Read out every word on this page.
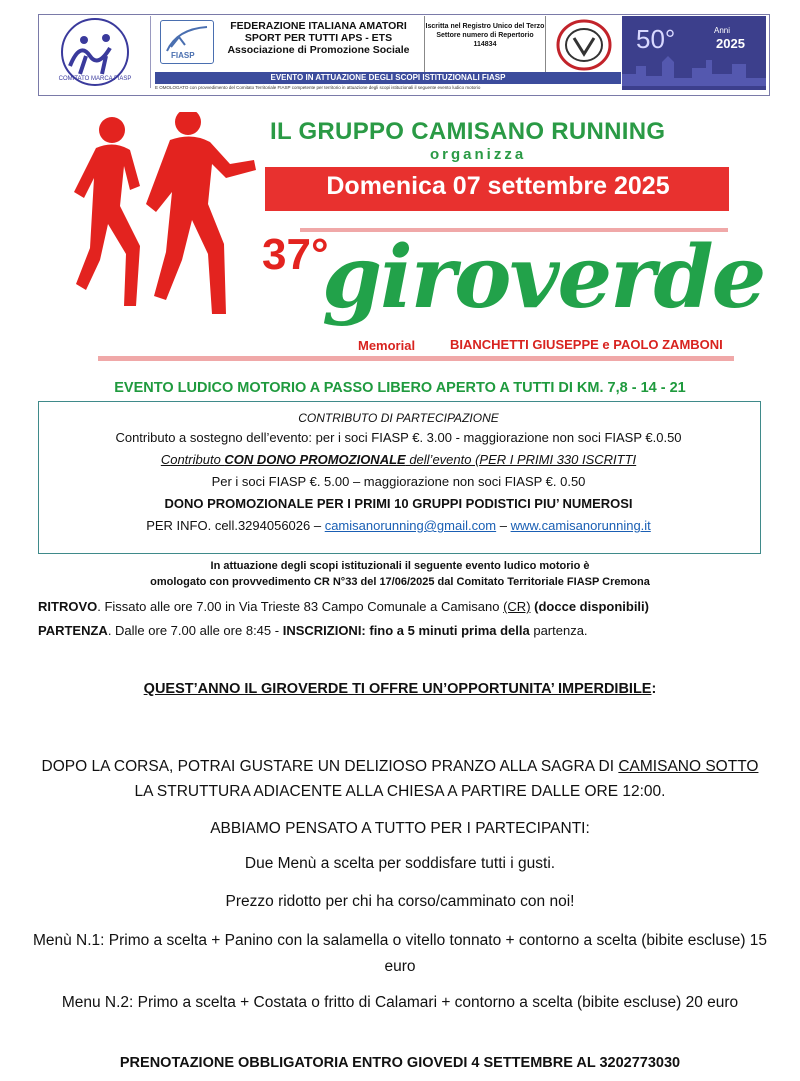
COMITATO MARCA FIASP
FIASP
FEDERAZIONE ITALIANA AMATORI
SPORT PER TUTTI APS - ETS
Associazione di Promozione Sociale
Iscritta nel Registro Unico del Terzo Settore numero di Repertorio 114834	50°	Anni
2025
EVENTO IN ATTUAZIONE DEGLI SCOPI ISTITUZIONALI FIASP
E OMOLOGATO con provvedimento del Comitato Territoriale FIASP competente per territorio in attuazione degli scopi istituzionali il seguente evento ludico motorio
IL GRUPPO CAMISANO RUNNING
organizza
Domenica 07 settembre 2025
37°
giroverde
Memorial	BIANCHETTI GIUSEPPE e PAOLO ZAMBONI
EVENTO LUDICO MOTORIO A PASSO LIBERO APERTO A TUTTI DI KM. 7,8 - 14 - 21
CONTRIBUTO DI PARTECIPAZIONE
Contributo a sostegno dell’evento: per i soci FIASP €. 3.00 - maggiorazione non soci FIASP €.0.50
Contributo CON DONO PROMOZIONALE dell’evento (PER I PRIMI 330 ISCRITTI
Per i soci FIASP €. 5.00 – maggiorazione non soci FIASP €. 0.50
DONO PROMOZIONALE PER I PRIMI 10 GRUPPI PODISTICI PIU’ NUMEROSI
PER INFO. cell.3294056026 – camisanorunning@gmail.com – www.camisanorunning.it
In attuazione degli scopi istituzionali il seguente evento ludico motorio è
omologato con provvedimento CR N°33 del 17/06/2025 dal Comitato Territoriale FIASP Cremona
RITROVO. Fissato alle ore 7.00 in Via Trieste 83 Campo Comunale a Camisano (CR) (docce disponibili)
PARTENZA. Dalle ore 7.00 alle ore 8:45 - INSCRIZIONI: fino a 5 minuti prima della partenza.
QUEST’ANNO IL GIROVERDE TI OFFRE UN’OPPORTUNITA’ IMPERDIBILE:
DOPO LA CORSA, POTRAI GUSTARE UN DELIZIOSO PRANZO ALLA SAGRA DI CAMISANO SOTTO LA STRUTTURA ADIACENTE ALLA CHIESA A PARTIRE DALLE ORE 12:00.
ABBIAMO PENSATO A TUTTO PER I PARTECIPANTI:
Due Menù a scelta per soddisfare tutti i gusti.
Prezzo ridotto per chi ha corso/camminato con noi!
Menù N.1: Primo a scelta + Panino con la salamella o vitello tonnato + contorno a scelta (bibite escluse) 15 euro
Menu N.2: Primo a scelta + Costata o fritto di Calamari + contorno a scelta (bibite escluse) 20 euro
PRENOTAZIONE OBBLIGATORIA ENTRO GIOVEDI 4 SETTEMBRE AL 3202773030
